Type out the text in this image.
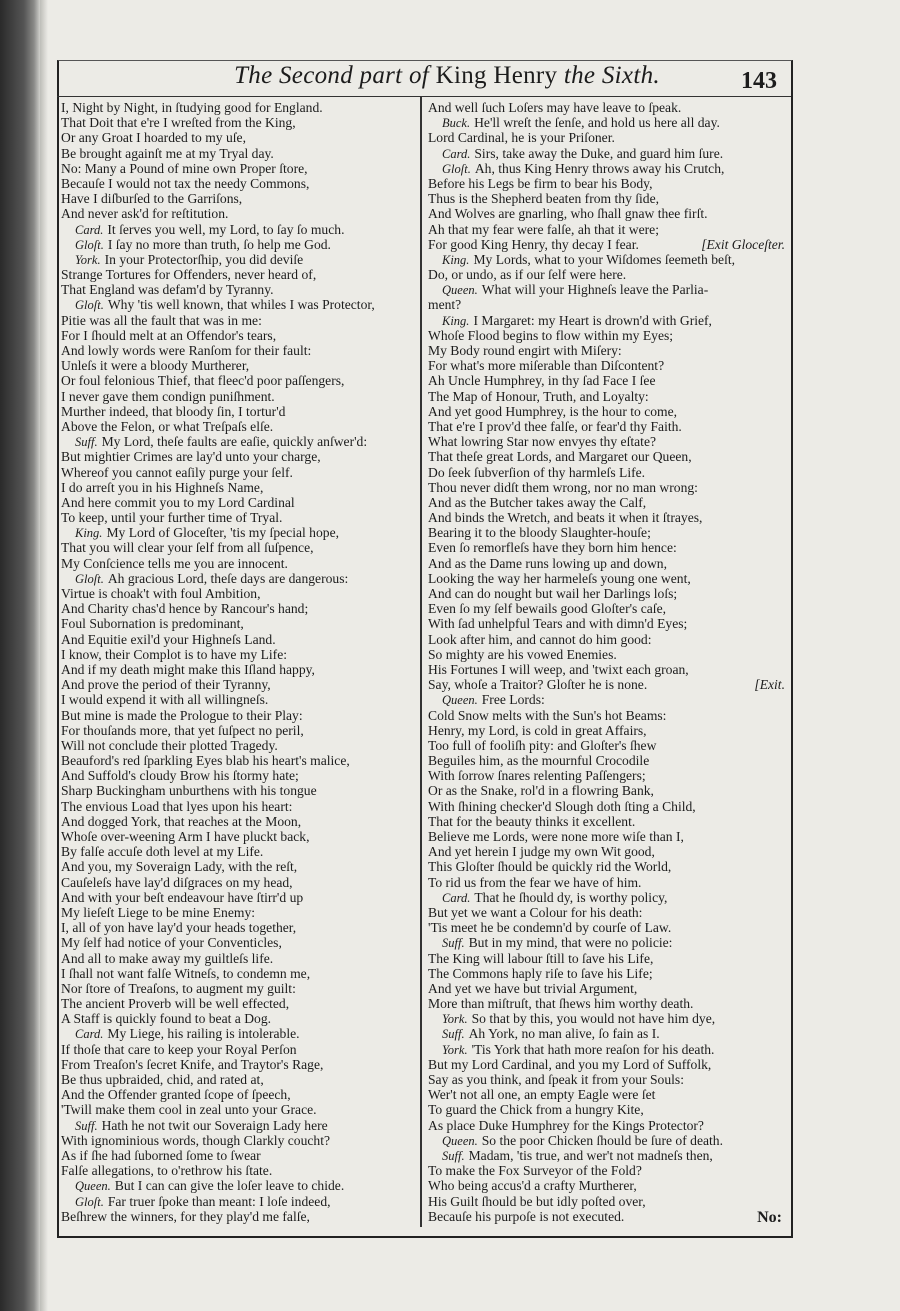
The Second part of King Henry the Sixth.	143
I, Night by Night, in ſtudying good for England.
That Doit that e're I wreſted from the King,
Or any Groat I hoarded to my uſe,
Be brought againſt me at my Tryal day.
No: Many a Pound of mine own Proper ſtore,
Becauſe I would not tax the needy Commons,
Have I diſburſed to the Garriſons,
And never ask'd for reſtitution.
Card. It ſerves you well, my Lord, to ſay ſo much.
Gloſt. I ſay no more than truth, ſo help me God.
York. In your Protectorſhip, you did deviſe
Strange Tortures for Offenders, never heard of,
That England was defam'd by Tyranny.
Gloſt. Why 'tis well known, that whiles I was Protector,
Pitie was all the fault that was in me:
For I ſhould melt at an Offendor's tears,
And lowly words were Ranſom for their fault:
Unleſs it were a bloody Murtherer,
Or foul felonious Thief, that fleec'd poor paſſengers,
I never gave them condign puniſhment.
Murther indeed, that bloody ſin, I tortur'd
Above the Felon, or what Treſpaſs elſe.
Suff. My Lord, theſe faults are eaſie, quickly anſwer'd:
But mightier Crimes are lay'd unto your charge,
Whereof you cannot eaſily purge your ſelf.
I do arreſt you in his Highneſs Name,
And here commit you to my Lord Cardinal
To keep, until your further time of Tryal.
King. My Lord of Gloceſter, 'tis my ſpecial hope,
That you will clear your ſelf from all ſuſpence,
My Conſcience tells me you are innocent.
Gloſt. Ah gracious Lord, theſe days are dangerous:
Virtue is choak't with foul Ambition,
And Charity chas'd hence by Rancour's hand;
Foul Subornation is predominant,
And Equitie exil'd your Highneſs Land.
I know, their Complot is to have my Life:
And if my death might make this Iſland happy,
And prove the period of their Tyranny,
I would expend it with all willingneſs.
But mine is made the Prologue to their Play:
For thouſands more, that yet ſuſpect no peril,
Will not conclude their plotted Tragedy.
Beauford's red ſparkling Eyes blab his heart's malice,
And Suffold's cloudy Brow his ſtormy hate;
Sharp Buckingham unburthens with his tongue
The envious Load that lyes upon his heart:
And dogged York, that reaches at the Moon,
Whoſe over-weening Arm I have pluckt back,
By falſe accuſe doth level at my Life.
And you, my Soveraign Lady, with the reſt,
Cauſeleſs have lay'd diſgraces on my head,
And with your beſt endeavour have ſtirr'd up
My lieſeſt Liege to be mine Enemy:
I, all of yon have lay'd your heads together,
My ſelf had notice of your Conventicles,
And all to make away my guiltleſs life.
I ſhall not want falſe Witneſs, to condemn me,
Nor ſtore of Treaſons, to augment my guilt:
The ancient Proverb will be well effected,
A Staff is quickly found to beat a Dog.
Card. My Liege, his railing is intolerable.
If thoſe that care to keep your Royal Perſon
From Treaſon's ſecret Knife, and Traytor's Rage,
Be thus upbraided, chid, and rated at,
And the Offender granted ſcope of ſpeech,
'Twill make them cool in zeal unto your Grace.
Suff. Hath he not twit our Soveraign Lady here
With ignominious words, though Clarkly coucht?
As if ſhe had ſuborned ſome to ſwear
Falſe allegations, to o'rethrow his ſtate.
Queen. But I can can give the loſer leave to chide.
Gloſt. Far truer ſpoke than meant: I loſe indeed,
Beſhrew the winners, for they play'd me falſe,
And well ſuch Loſers may have leave to ſpeak.
Buck. He'll wreſt the ſenſe, and hold us here all day.
Lord Cardinal, he is your Priſoner.
Card. Sirs, take away the Duke, and guard him ſure.
Gloſt. Ah, thus King Henry throws away his Crutch,
Before his Legs be firm to bear his Body,
Thus is the Shepherd beaten from thy ſide,
And Wolves are gnarling, who ſhall gnaw thee firſt.
Ah that my fear were falſe, ah that it were;
For good King Henry, thy decay I fear.	[Exit Gloceſter.
King. My Lords, what to your Wiſdomes ſeemeth beſt,
Do, or undo, as if our ſelf were here.
Queen. What will your Highneſs leave the Parlia-
ment?
King. I Margaret: my Heart is drown'd with Grief,
Whoſe Flood begins to flow within my Eyes;
My Body round engirt with Miſery:
For what's more miſerable than Diſcontent?
Ah Uncle Humphrey, in thy ſad Face I ſee
The Map of Honour, Truth, and Loyalty:
And yet good Humphrey, is the hour to come,
That e're I prov'd thee falſe, or fear'd thy Faith.
What lowring Star now envyes thy eſtate?
That theſe great Lords, and Margaret our Queen,
Do ſeek ſubverſion of thy harmleſs Life.
Thou never didſt them wrong, nor no man wrong:
And as the Butcher takes away the Calf,
And binds the Wretch, and beats it when it ſtrayes,
Bearing it to the bloody Slaughter-houſe;
Even ſo remorfleſs have they born him hence:
And as the Dame runs lowing up and down,
Looking the way her harmeleſs young one went,
And can do nought but wail her Darlings loſs;
Even ſo my ſelf bewails good Gloſter's caſe,
With ſad unhelpful Tears and with dimn'd Eyes;
Look after him, and cannot do him good:
So mighty are his vowed Enemies.
His Fortunes I will weep, and 'twixt each groan,
Say, whoſe a Traitor? Gloſter he is none.	[Exit.
Queen. Free Lords:
Cold Snow melts with the Sun's hot Beams:
Henry, my Lord, is cold in great Affairs,
Too full of fooliſh pity: and Gloſter's ſhew
Beguiles him, as the mournful Crocodile
With ſorrow ſnares relenting Paſſengers;
Or as the Snake, rol'd in a flowring Bank,
With ſhining checker'd Slough doth ſting a Child,
That for the beauty thinks it excellent.
Believe me Lords, were none more wiſe than I,
And yet herein I judge my own Wit good,
This Gloſter ſhould be quickly rid the World,
To rid us from the fear we have of him.
Card. That he ſhould dy, is worthy policy,
But yet we want a Colour for his death:
'Tis meet he be condemn'd by courſe of Law.
Suff. But in my mind, that were no policie:
The King will labour ſtill to ſave his Life,
The Commons haply riſe to ſave his Life;
And yet we have but trivial Argument,
More than miſtruſt, that ſhews him worthy death.
York. So that by this, you would not have him dye,
Suff. Ah York, no man alive, ſo fain as I.
York. 'Tis York that hath more reaſon for his death.
But my Lord Cardinal, and you my Lord of Suffolk,
Say as you think, and ſpeak it from your Souls:
Wer't not all one, an empty Eagle were ſet
To guard the Chick from a hungry Kite,
As place Duke Humphrey for the Kings Protector?
Queen. So the poor Chicken ſhould be ſure of death.
Suff. Madam, 'tis true, and wer't not madneſs then,
To make the Fox Surveyor of the Fold?
Who being accus'd a crafty Murtherer,
His Guilt ſhould be but idly poſted over,
Becauſe his purpoſe is not executed.	No:
